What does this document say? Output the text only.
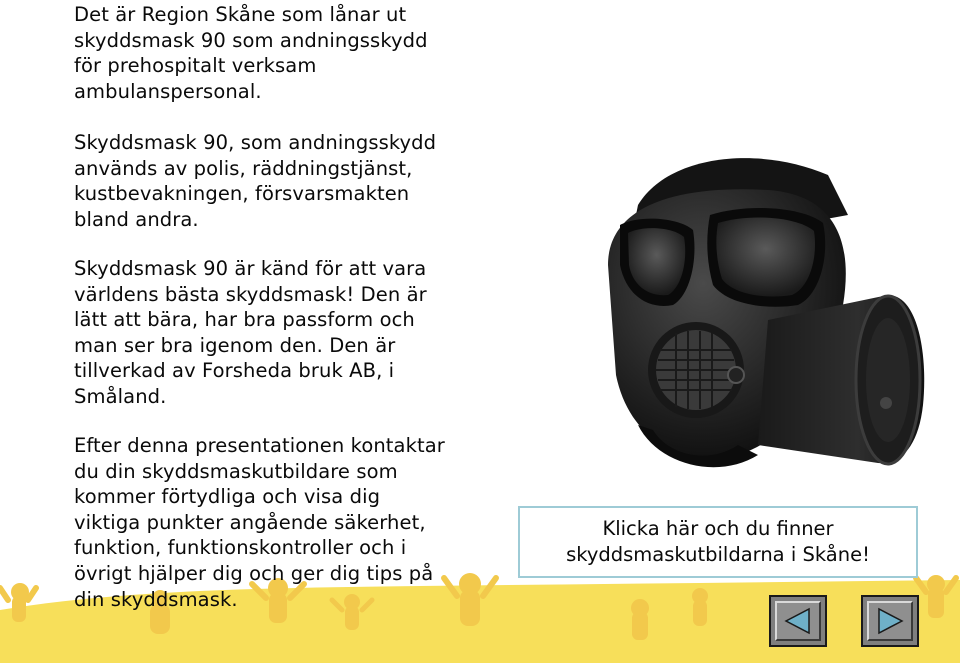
Det är Region Skåne som lånar ut
skyddsmask 90 som andningsskydd
för prehospitalt verksam
ambulanspersonal.

Skyddsmask 90, som andningsskydd
används av polis, räddningstjänst,
kustbevakningen, försvarsmakten
bland andra.

Skyddsmask 90 är känd för att vara
världens bästa skyddsmask! Den är
lätt att bära, har bra passform och
man ser bra igenom den. Den är
tillverkad av Forsheda bruk AB, i
Småland.

Efter denna presentationen kontaktar
du din skyddsmaskutbildare som
kommer förtydliga och visa dig
viktiga punkter angående säkerhet,
funktion, funktionskontroller och i
övrigt hjälper dig och ger dig tips på
din skyddsmask.

Klicka här och du finner
skyddsmaskutbildarna i Skåne!
